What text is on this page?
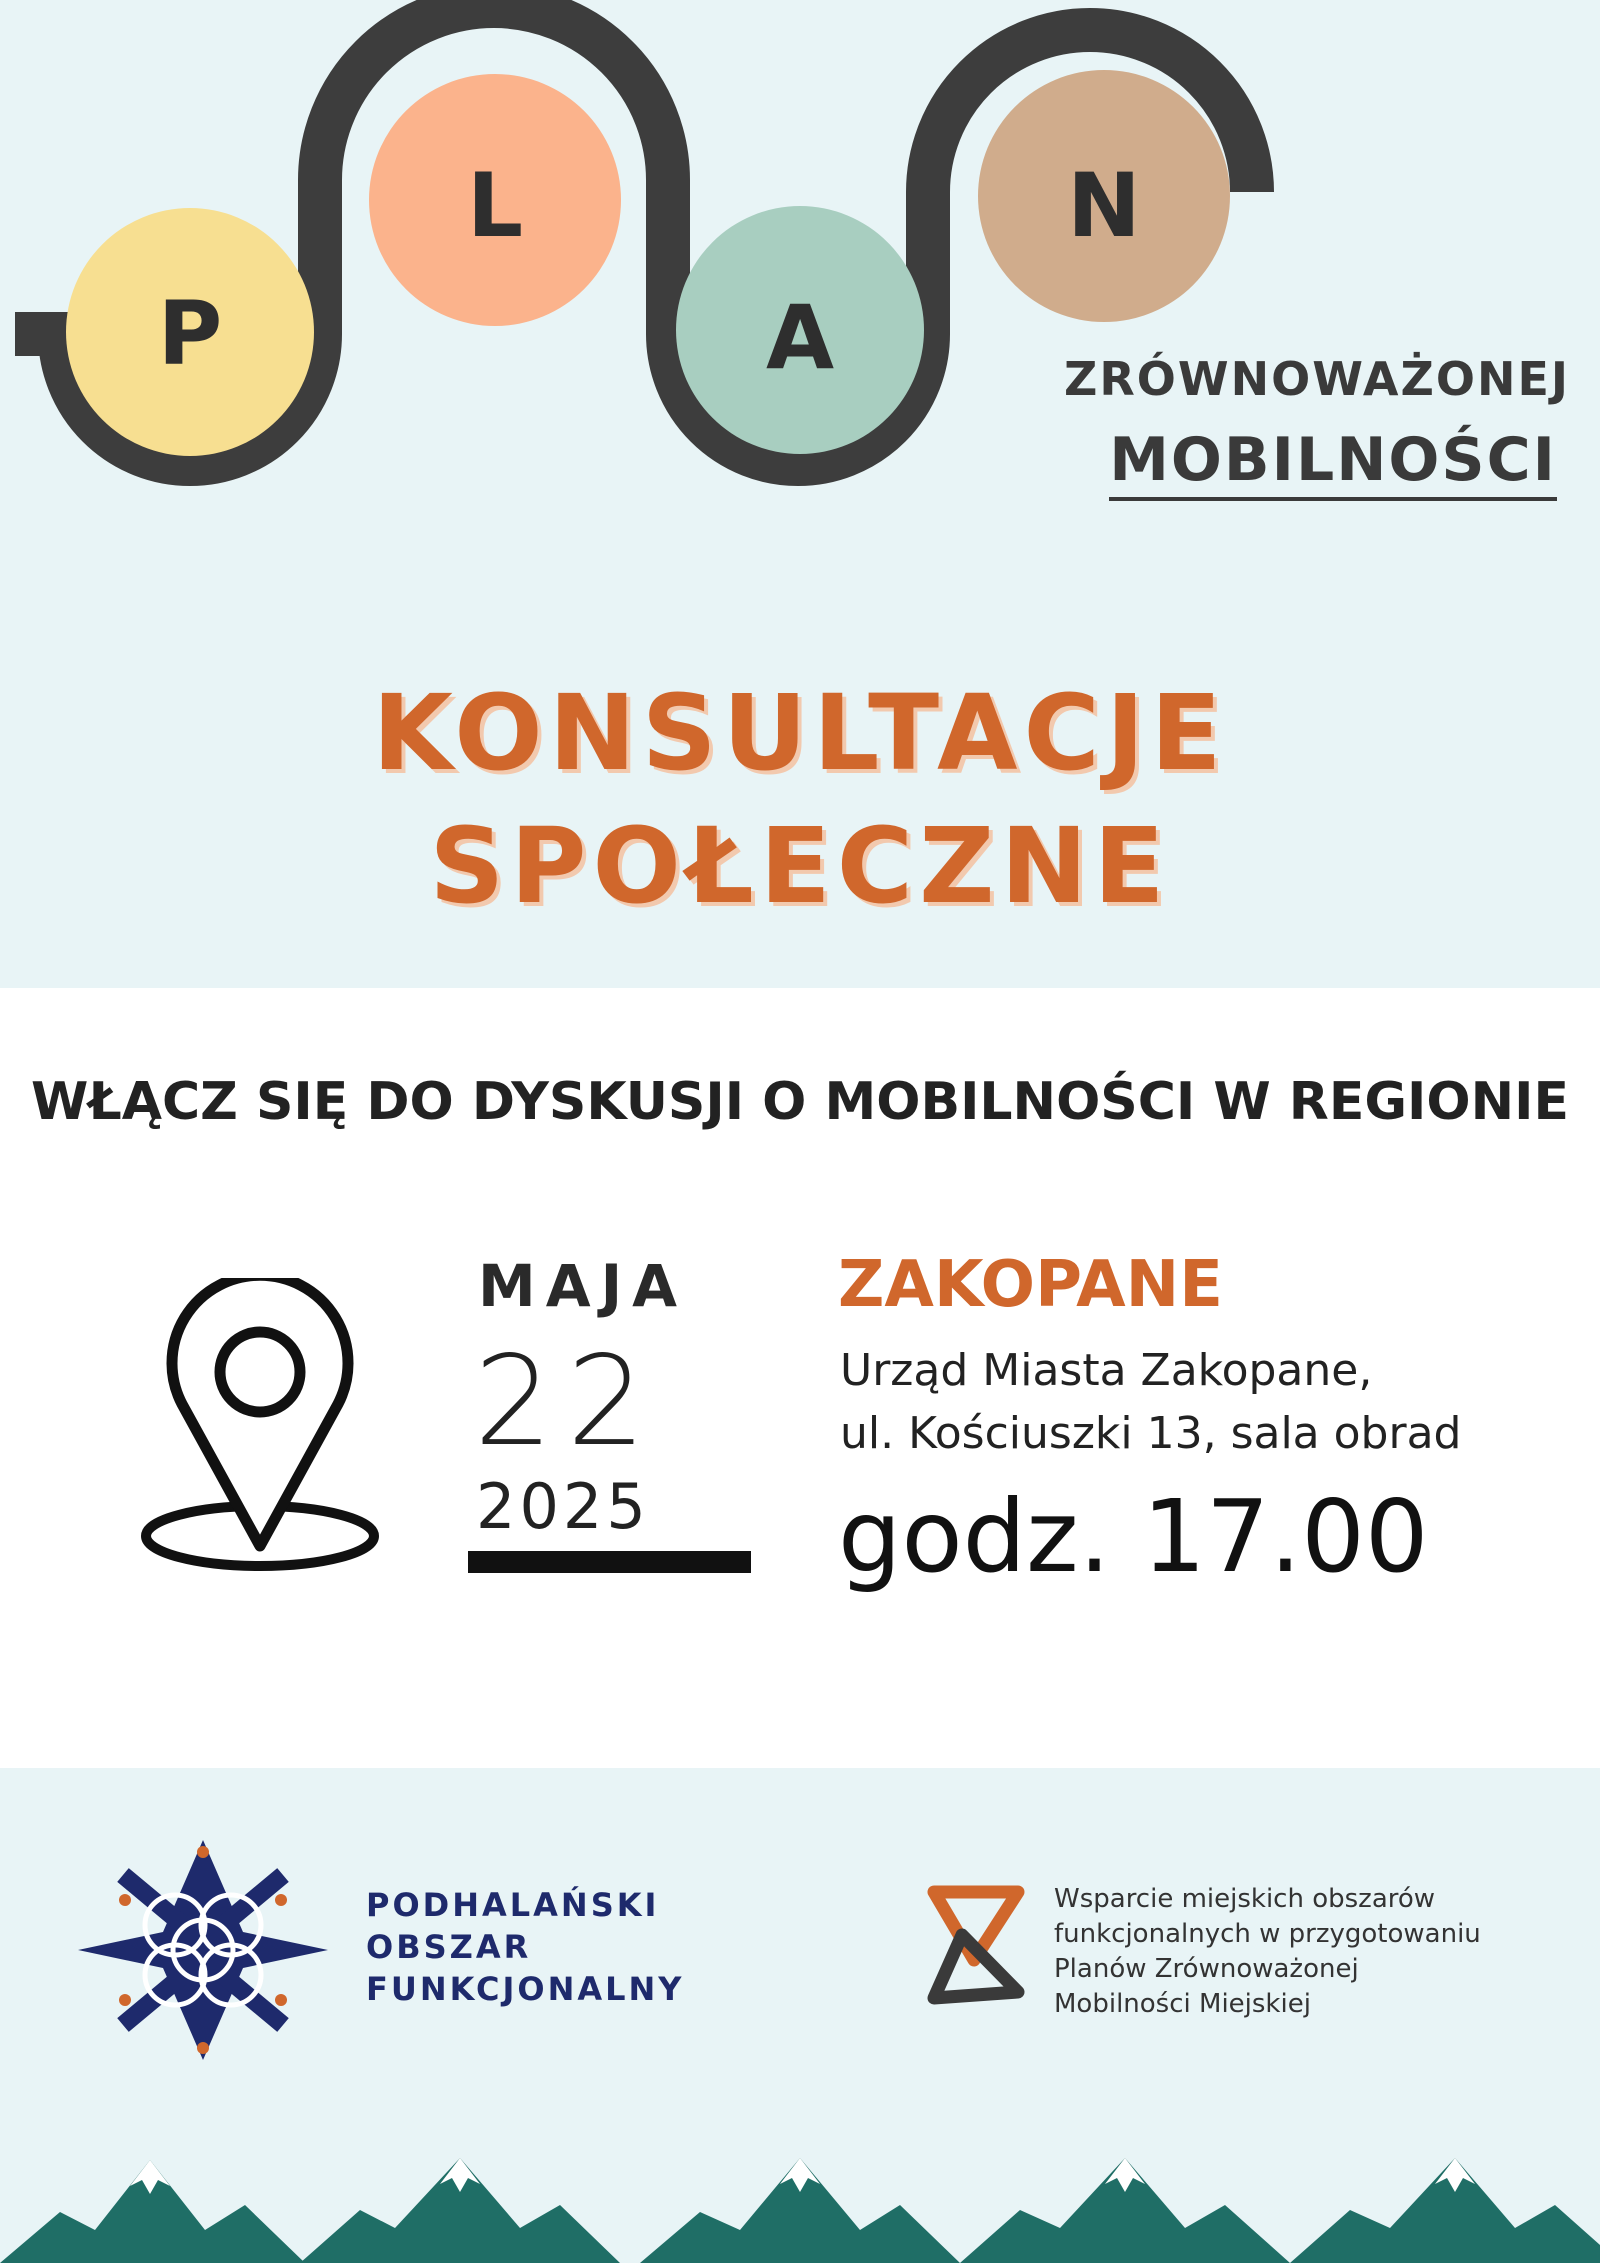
P
L
A
N
ZRÓWNOWAŻONEJ
MOBILNOŚCI
KONSULTACJE
SPOŁECZNE
WŁĄCZ SIĘ DO DYSKUSJI O MOBILNOŚCI W REGIONIE
MAJA
22
2025
ZAKOPANE
Urząd Miasta Zakopane,
ul. Kościuszki 13, sala obrad
godz. 17.00
PODHALAŃSKI
OBSZAR
FUNKCJONALNY
Wsparcie miejskich obszarów
funkcjonalnych w przygotowaniu
Planów Zrównoważonej
Mobilności Miejskiej
